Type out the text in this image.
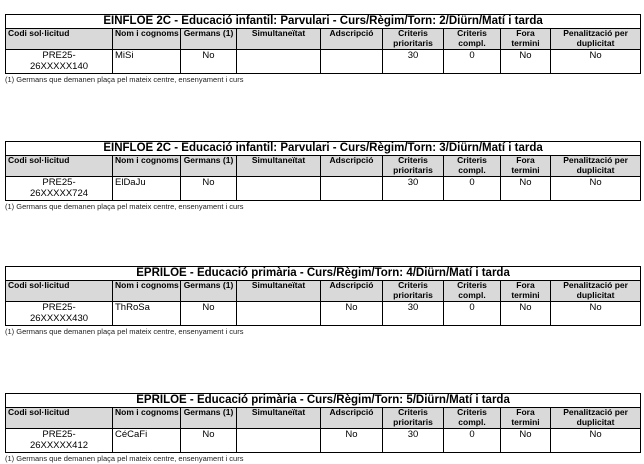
EINFLOE 2C - Educació infantil: Parvulari - Curs/Règim/Torn: 2/Diürn/Matí i tarda								
Codi sol·licitud	Nom i cognoms	Germans (1)	Simultaneïtat	Adscripció	Criteris prioritaris	Criteris compl.	Fora termini	Penalització per duplicitat

PRE25-
26XXXXX140	MiSi	No			30	0	No	No
(1) Germans que demanen plaça pel mateix centre, ensenyament i curs
EINFLOE 2C - Educació infantil: Parvulari - Curs/Règim/Torn: 3/Diürn/Matí i tarda								
Codi sol·licitud	Nom i cognoms	Germans (1)	Simultaneïtat	Adscripció	Criteris prioritaris	Criteris compl.	Fora termini	Penalització per duplicitat

PRE25-
26XXXXX724	ElDaJu	No			30	0	No	No
(1) Germans que demanen plaça pel mateix centre, ensenyament i curs
EPRILOE - Educació primària - Curs/Règim/Torn: 4/Diürn/Matí i tarda								
Codi sol·licitud	Nom i cognoms	Germans (1)	Simultaneïtat	Adscripció	Criteris prioritaris	Criteris compl.	Fora termini	Penalització per duplicitat

PRE25-
26XXXXX430	ThRoSa	No		No	30	0	No	No
(1) Germans que demanen plaça pel mateix centre, ensenyament i curs
EPRILOE - Educació primària - Curs/Règim/Torn: 5/Diürn/Matí i tarda								
Codi sol·licitud	Nom i cognoms	Germans (1)	Simultaneïtat	Adscripció	Criteris prioritaris	Criteris compl.	Fora termini	Penalització per duplicitat

PRE25-
26XXXXX412	CéCaFi	No		No	30	0	No	No
(1) Germans que demanen plaça pel mateix centre, ensenyament i curs
